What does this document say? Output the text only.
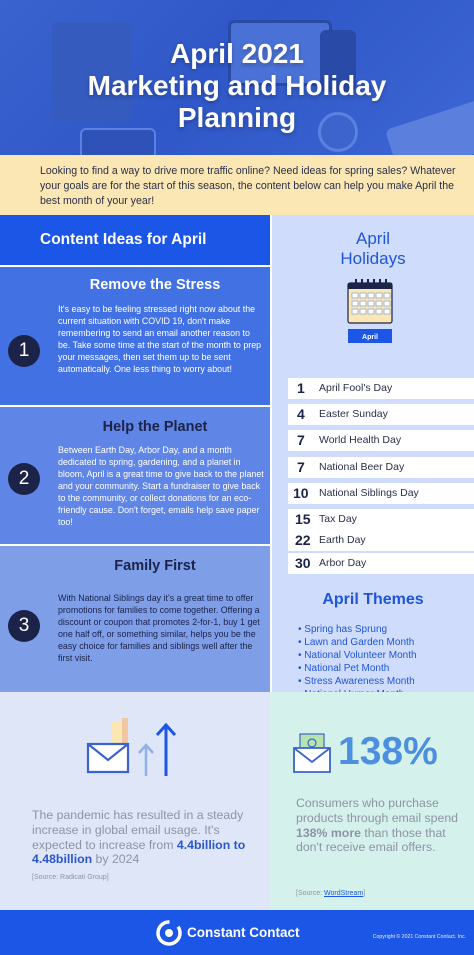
April 2021
Marketing and Holiday
Planning
Looking to find a way to drive more traffic online? Need ideas for spring sales? Whatever your goals are for the start of this season, the content below can help you make April the best month of your year!
Content Ideas for April
Remove the Stress
1
It's easy to be feeling stressed right now about the current situation with COVID 19, don't make remembering to send an email another reason to be. Take some time at the start of the month to prep your messages, then set them up to be sent automatically. One less thing to worry about!
Help the Planet
2
Between Earth Day, Arbor Day, and a month dedicated to spring, gardening, and a planet in bloom, April is a great time to give back to the planet and your community. Start a fundraiser to give back to the community, or collect donations for an eco-friendly cause. Don't forget, emails help save paper too!
Family First
3
With National Siblings day it's a great time to offer promotions for families to come together. Offering a discount or coupon that promotes 2-for-1, buy 1 get one half off, or something similar, helps you be the easy choice for families and siblings well after the first visit.
April
Holidays
April
1 April Fool's Day
4 Easter Sunday
7 World Health Day
7 National Beer Day
10 National Siblings Day
15 Tax Day
22 Earth Day
30 Arbor Day
April Themes
• Spring has Sprung
• Lawn and Garden Month
• National Volunteer Month
• National Pet Month
• Stress Awareness Month
The pandemic has resulted in a steady increase in global email usage. It's expected to increase from 4.4billion to 4.48billion by 2024
[Source: Radicati Group]
138%
Consumers who purchase products through email spend 138% more than those that don't receive email offers.
[Source: WordStream]
Constant Contact	Copyright © 2021 Constant Contact. Inc.
